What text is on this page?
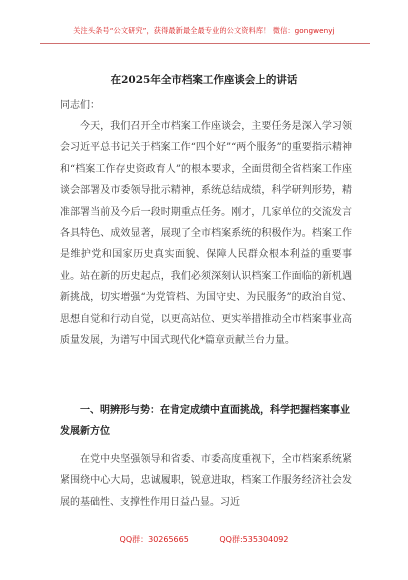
关注头条号“公文研究”，获得最新最全最专业的公文资料库！ 微信：gongwenyj
在2025年全市档案工作座谈会上的讲话
同志们：
今天，我们召开全市档案工作座谈会，主要任务是深入学习领会习近平总书记关于档案工作“四个好”“两个服务”的重要指示精神和“档案工作存史资政育人”的根本要求，全面贯彻全省档案工作座谈会部署及市委领导批示精神，系统总结成绩，科学研判形势，精准部署当前及今后一段时期重点任务。刚才，几家单位的交流发言各具特色、成效显著，展现了全市档案系统的积极作为。档案工作是维护党和国家历史真实面貌、保障人民群众根本利益的重要事业。站在新的历史起点，我们必须深刻认识档案工作面临的新机遇新挑战，切实增强“为党管档、为国守史、为民服务”的政治自觉、思想自觉和行动自觉，以更高站位、更实举措推动全市档案事业高质量发展，为谱写中国式现代化*篇章贡献兰台力量。
一、明辨形与势：在肯定成绩中直面挑战，科学把握档案事业发展新方位
在党中央坚强领导和省委、市委高度重视下，全市档案系统紧紧围绕中心大局，忠诚履职，锐意进取，档案工作服务经济社会发展的基础性、支撑性作用日益凸显。习近
QQ群：30265665	QQ群:535304092
